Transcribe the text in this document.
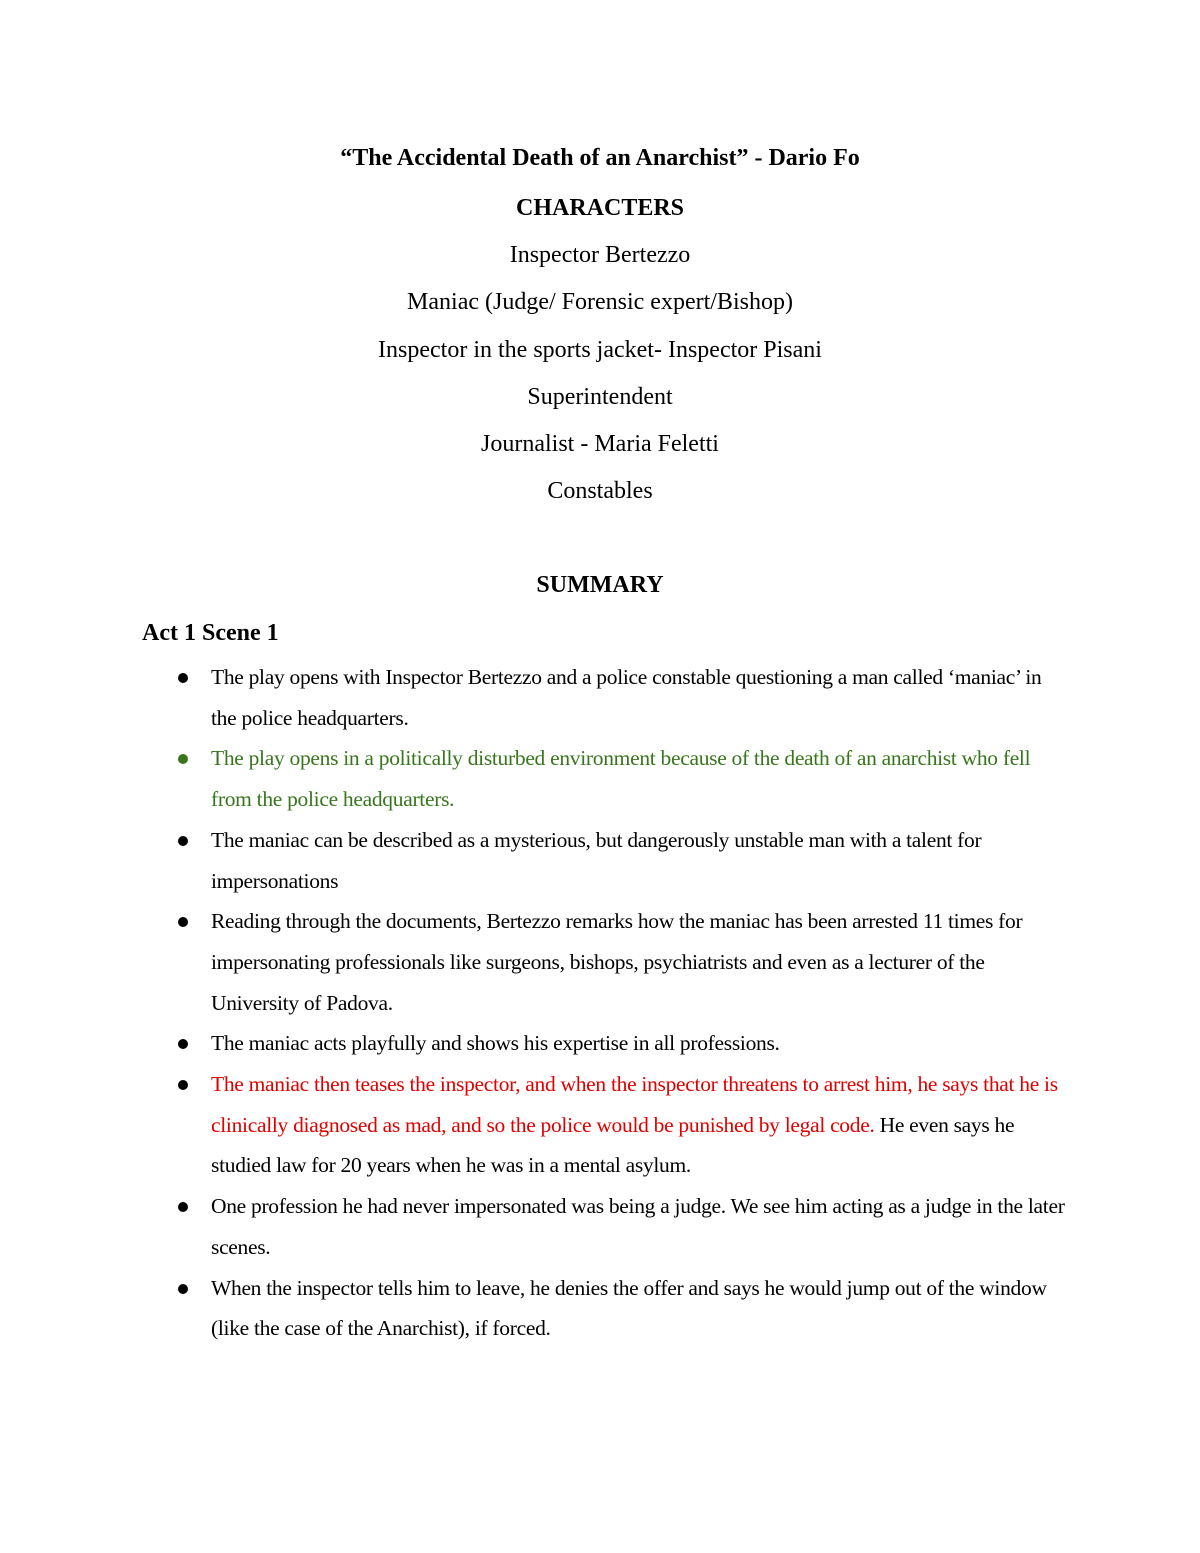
“The Accidental Death of an Anarchist” - Dario Fo
CHARACTERS
Inspector Bertezzo
Maniac (Judge/ Forensic expert/Bishop)
Inspector in the sports jacket- Inspector Pisani
Superintendent
Journalist - Maria Feletti
Constables
SUMMARY
Act 1 Scene 1
The play opens with Inspector Bertezzo and a police constable questioning a man called ‘maniac’ in the police headquarters.
The play opens in a politically disturbed environment because of the death of an anarchist who fell from the police headquarters.
The maniac can be described as a mysterious, but dangerously unstable man with a talent for impersonations
Reading through the documents, Bertezzo remarks how the maniac has been arrested 11 times for impersonating professionals like surgeons, bishops, psychiatrists and even as a lecturer of the University of Padova.
The maniac acts playfully and shows his expertise in all professions.
The maniac then teases the inspector, and when the inspector threatens to arrest him, he says that he is clinically diagnosed as mad, and so the police would be punished by legal code. He even says he studied law for 20 years when he was in a mental asylum.
One profession he had never impersonated was being a judge. We see him acting as a judge in the later scenes.
When the inspector tells him to leave, he denies the offer and says he would jump out of the window (like the case of the Anarchist), if forced.
